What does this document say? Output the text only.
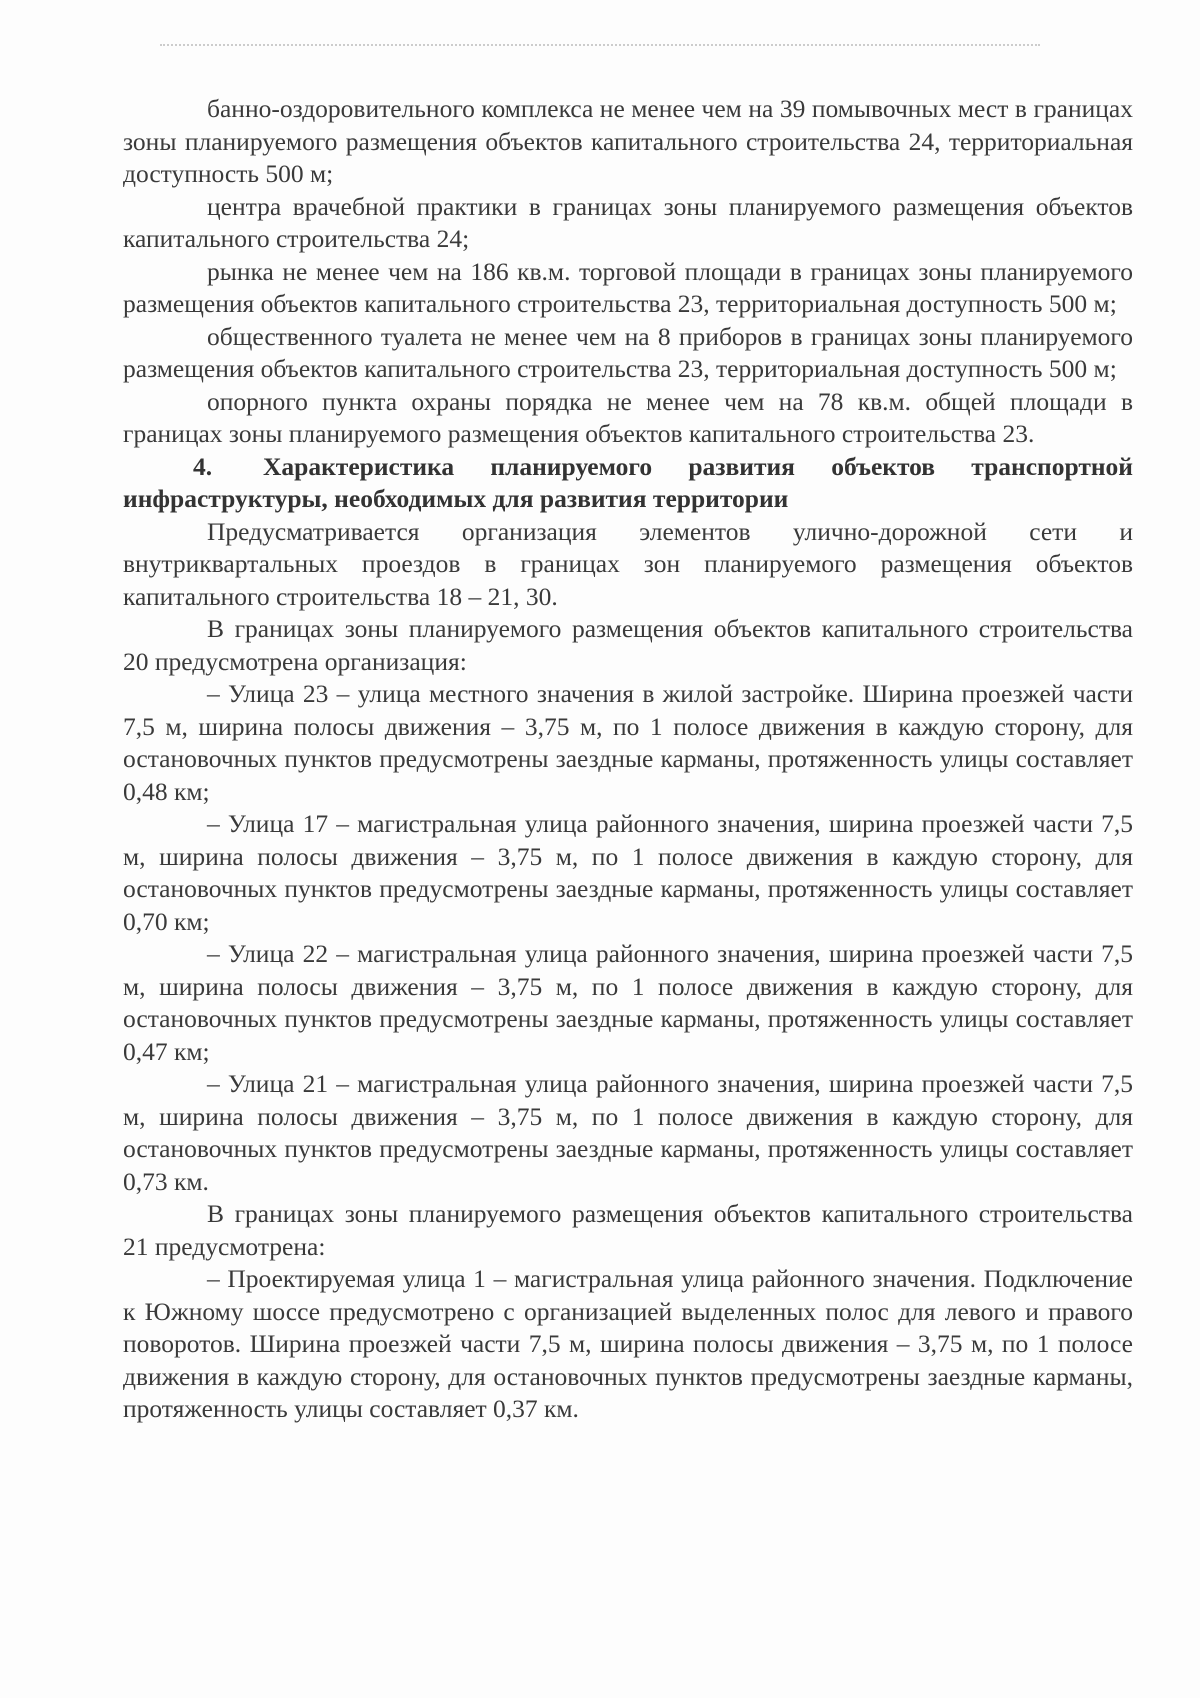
банно-оздоровительного комплекса не менее чем на 39 помывочных мест в границах зоны планируемого размещения объектов капитального строительства 24, территориальная доступность 500 м;

центра врачебной практики в границах зоны планируемого размещения объектов капитального строительства 24;

рынка не менее чем на 186 кв.м. торговой площади в границах зоны планируемого размещения объектов капитального строительства 23, территориальная доступность 500 м;

общественного туалета не менее чем на 8 приборов в границах зоны планируемого размещения объектов капитального строительства 23, территориальная доступность 500 м;

опорного пункта охраны порядка не менее чем на 78 кв.м. общей площади в границах зоны планируемого размещения объектов капитального строительства 23.

4. Характеристика планируемого развития объектов транспортной инфраструктуры, необходимых для развития территории

Предусматривается организация элементов улично-дорожной сети и внутриквартальных проездов в границах зон планируемого размещения объектов капитального строительства 18 – 21, 30.

В границах зоны планируемого размещения объектов капитального строительства 20 предусмотрена организация:

– Улица 23 – улица местного значения в жилой застройке. Ширина проезжей части 7,5 м, ширина полосы движения – 3,75 м, по 1 полосе движения в каждую сторону, для остановочных пунктов предусмотрены заездные карманы, протяженность улицы составляет 0,48 км;

– Улица 17 – магистральная улица районного значения, ширина проезжей части 7,5 м, ширина полосы движения – 3,75 м, по 1 полосе движения в каждую сторону, для остановочных пунктов предусмотрены заездные карманы, протяженность улицы составляет 0,70 км;

– Улица 22 – магистральная улица районного значения, ширина проезжей части 7,5 м, ширина полосы движения – 3,75 м, по 1 полосе движения в каждую сторону, для остановочных пунктов предусмотрены заездные карманы, протяженность улицы составляет 0,47 км;

– Улица 21 – магистральная улица районного значения, ширина проезжей части 7,5 м, ширина полосы движения – 3,75 м, по 1 полосе движения в каждую сторону, для остановочных пунктов предусмотрены заездные карманы, протяженность улицы составляет 0,73 км.

В границах зоны планируемого размещения объектов капитального строительства 21 предусмотрена:

– Проектируемая улица 1 – магистральная улица районного значения. Подключение к Южному шоссе предусмотрено с организацией выделенных полос для левого и правого поворотов. Ширина проезжей части 7,5 м, ширина полосы движения – 3,75 м, по 1 полосе движения в каждую сторону, для остановочных пунктов предусмотрены заездные карманы, протяженность улицы составляет 0,37 км.
